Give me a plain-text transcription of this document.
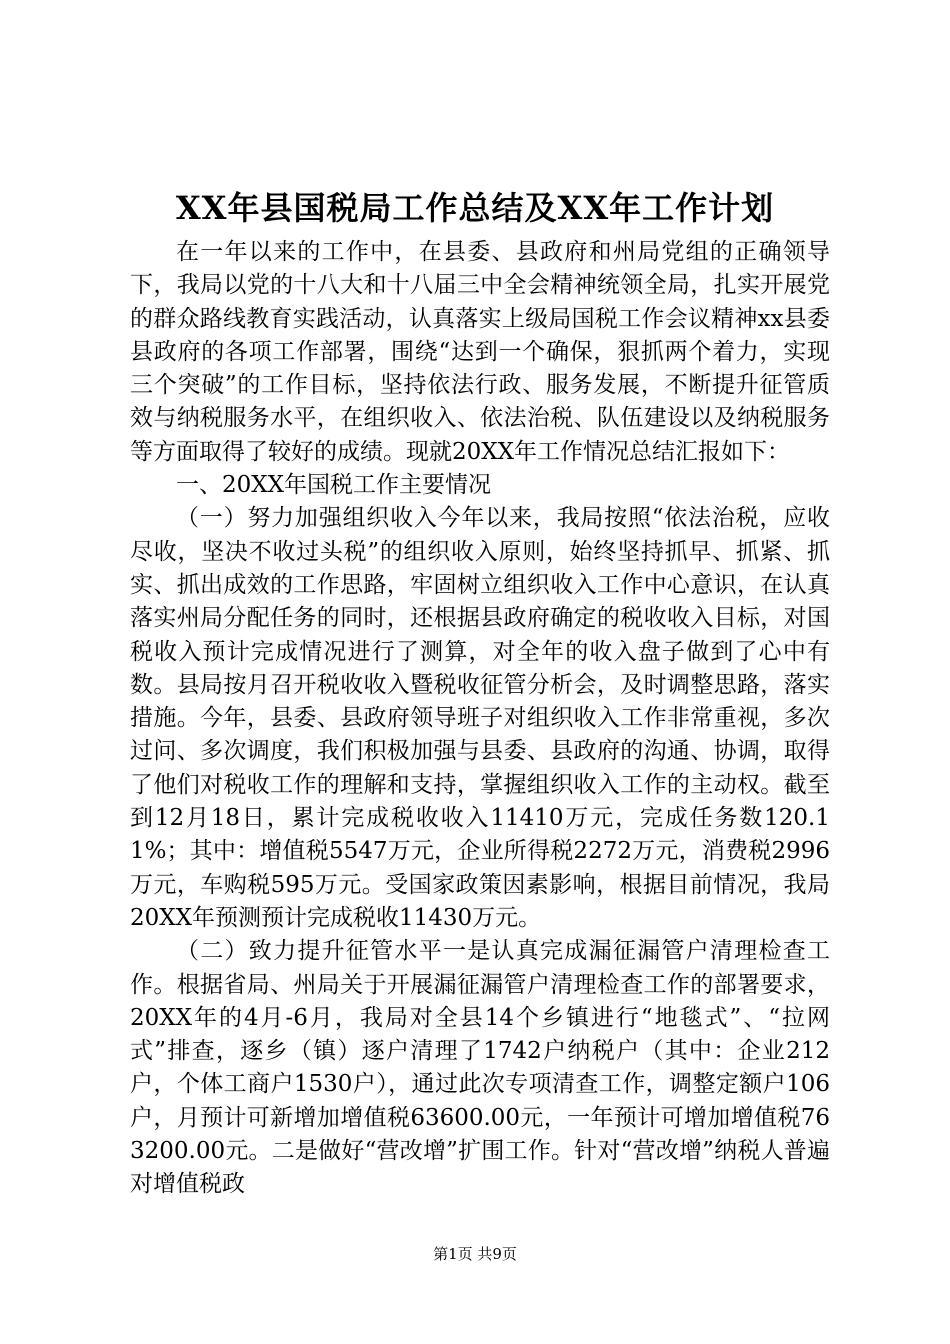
XX年县国税局工作总结及XX年工作计划

在一年以来的工作中，在县委、县政府和州局党组的正确领导下，我局以党的十八大和十八届三中全会精神统领全局，扎实开展党的群众路线教育实践活动，认真落实上级局国税工作会议精神xx县委县政府的各项工作部署，围绕“达到一个确保，狠抓两个着力，实现三个突破”的工作目标，坚持依法行政、服务发展，不断提升征管质效与纳税服务水平，在组织收入、依法治税、队伍建设以及纳税服务等方面取得了较好的成绩。现就20XX年工作情况总结汇报如下：

一、20XX年国税工作主要情况

（一）努力加强组织收入今年以来，我局按照“依法治税，应收尽收，坚决不收过头税”的组织收入原则，始终坚持抓早、抓紧、抓实、抓出成效的工作思路，牢固树立组织收入工作中心意识，在认真落实州局分配任务的同时，还根据县政府确定的税收收入目标，对国税收入预计完成情况进行了测算，对全年的收入盘子做到了心中有数。县局按月召开税收收入暨税收征管分析会，及时调整思路，落实措施。今年，县委、县政府领导班子对组织收入工作非常重视，多次过问、多次调度，我们积极加强与县委、县政府的沟通、协调，取得了他们对税收工作的理解和支持，掌握组织收入工作的主动权。截至到12月18日，累计完成税收收入11410万元，完成任务数120.11%；其中：增值税5547万元，企业所得税2272万元，消费税2996万元，车购税595万元。受国家政策因素影响，根据目前情况，我局20XX年预测预计完成税收11430万元。

（二）致力提升征管水平一是认真完成漏征漏管户清理检查工作。根据省局、州局关于开展漏征漏管户清理检查工作的部署要求，20XX年的4月-6月，我局对全县14个乡镇进行“地毯式”、“拉网式”排查，逐乡（镇）逐户清理了1742户纳税户（其中：企业212户，个体工商户1530户），通过此次专项清查工作，调整定额户106户，月预计可新增加增值税63600.00元，一年预计可增加增值税763200.00元。二是做好“营改增”扩围工作。针对“营改增”纳税人普遍对增值税政

第1页 共9页
